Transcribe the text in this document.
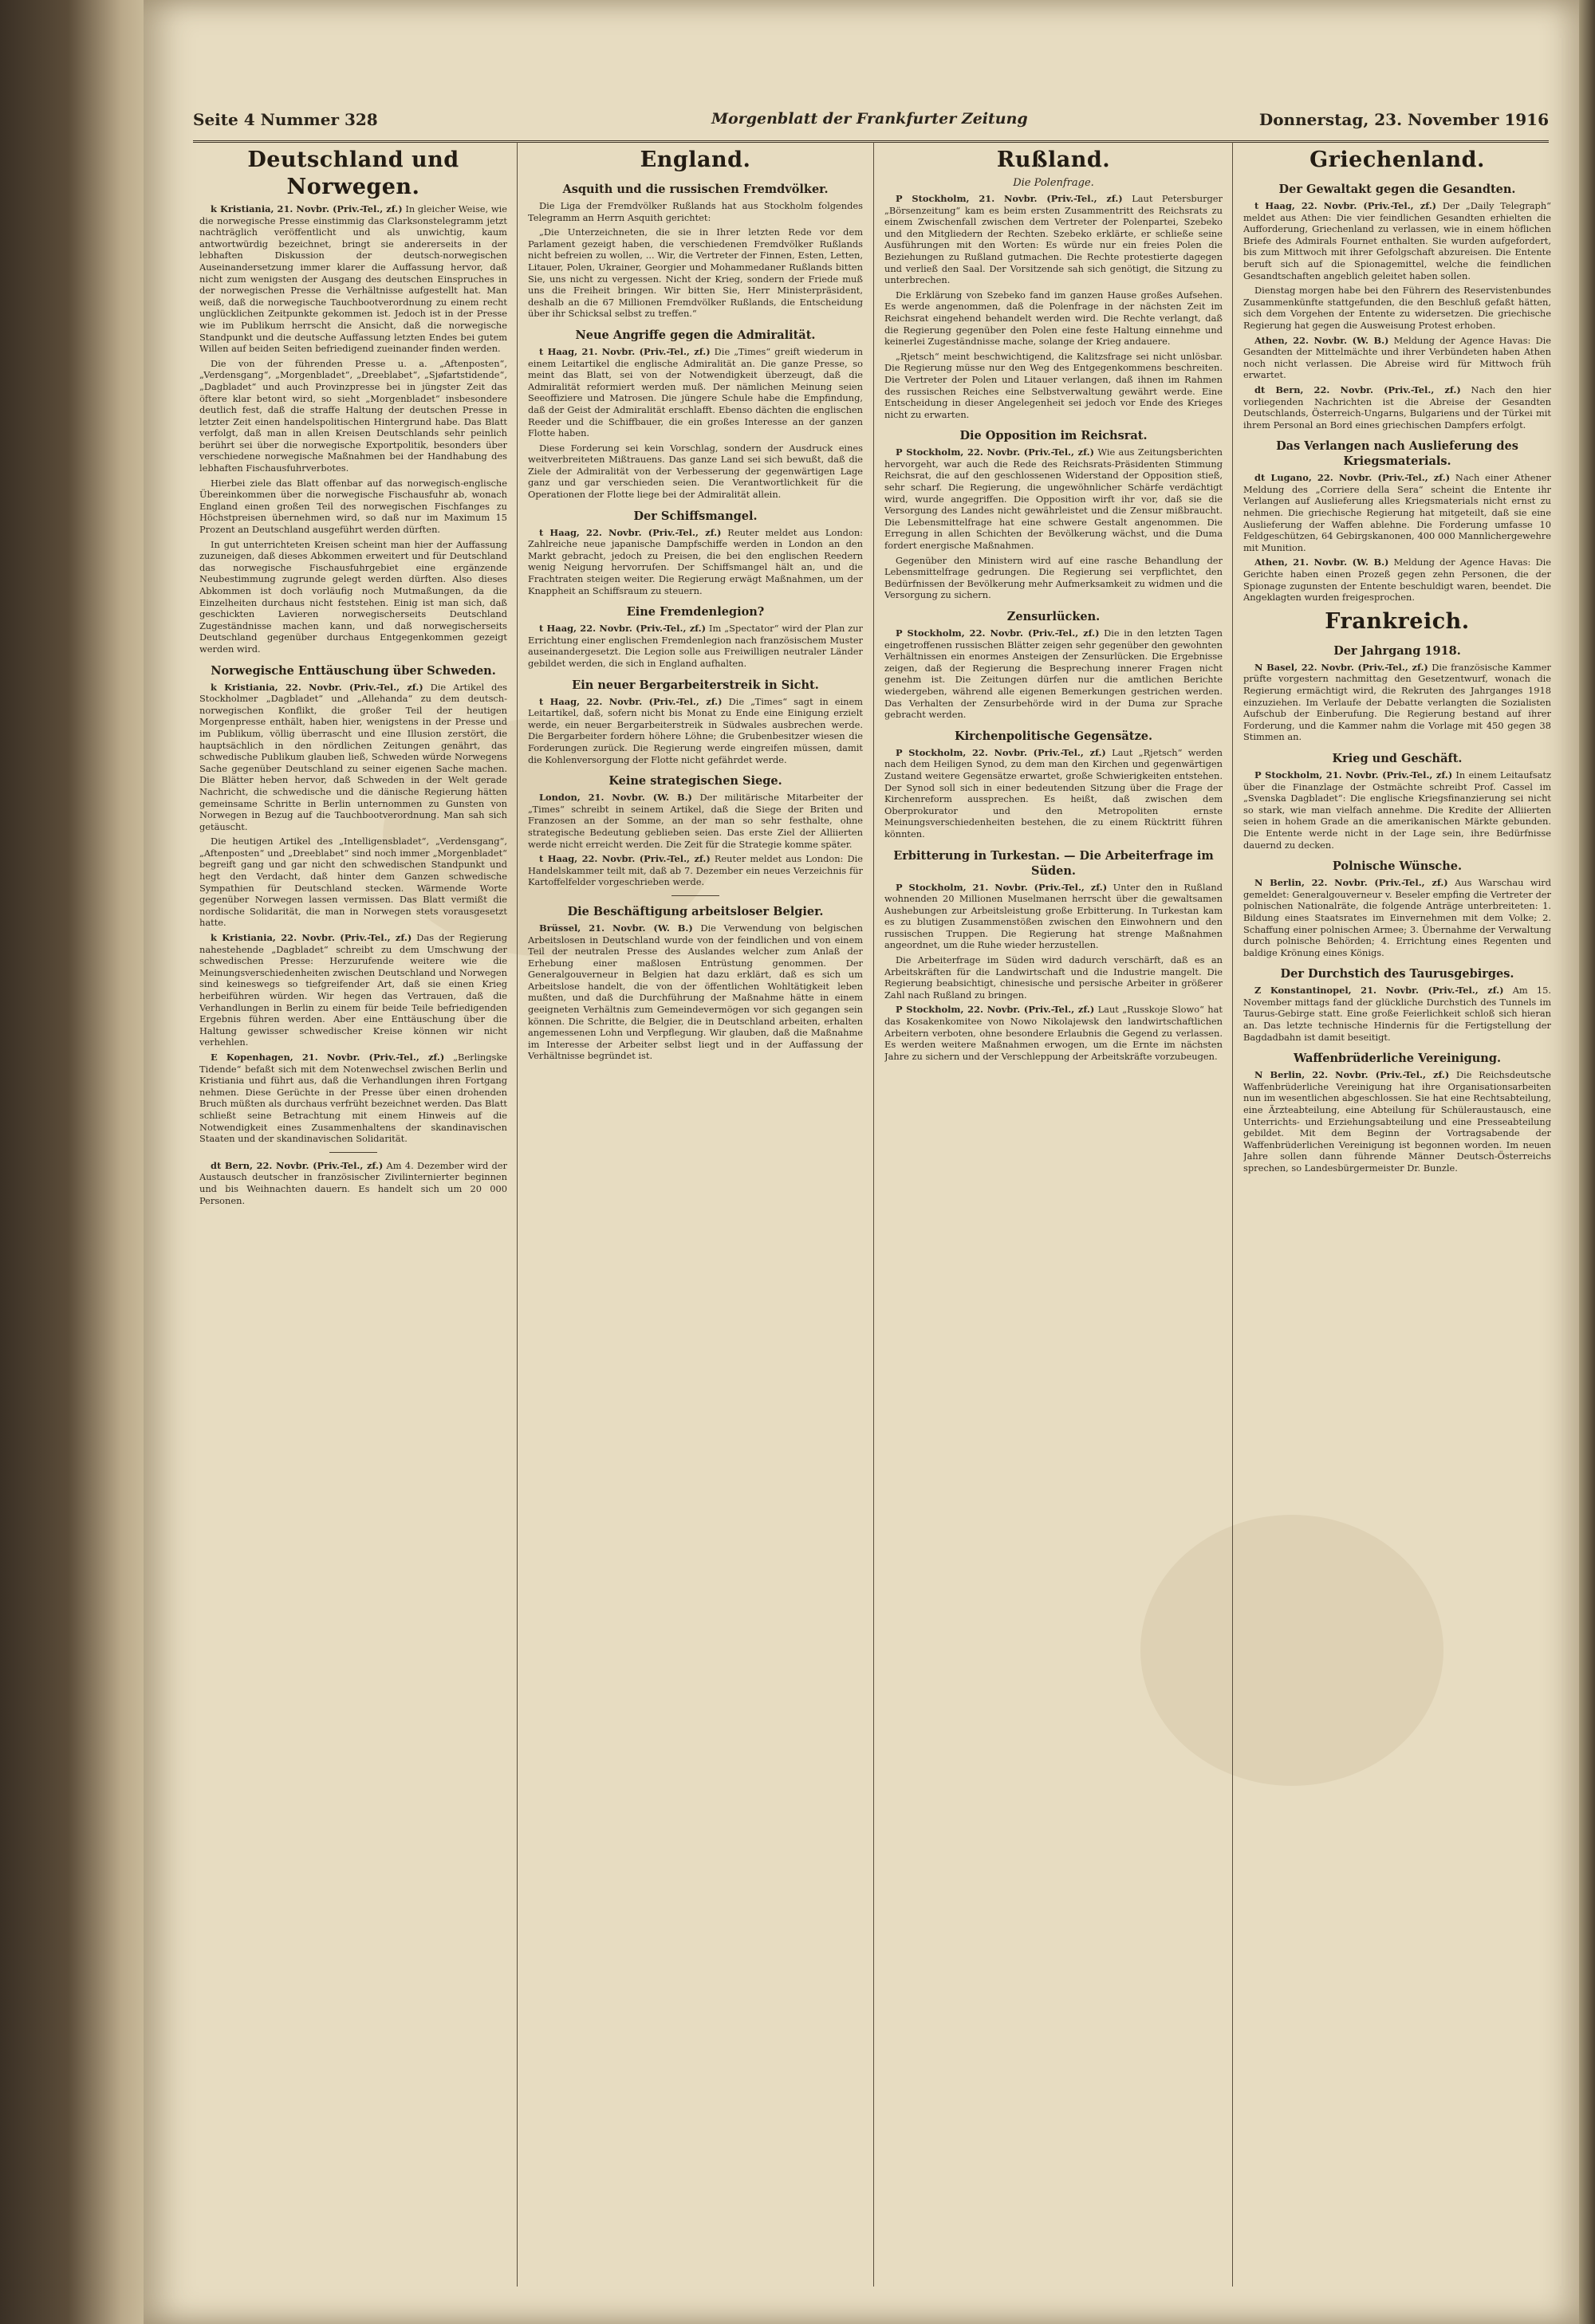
Seite 4 Nummer 328	Morgenblatt der Frankfurter Zeitung	Donnerstag, 23. November 1916
Deutschland und Norwegen.

k Kristiania, 21. Novbr. (Priv.-Tel., zf.) In gleicher Weise, wie die norwegische Presse einstimmig das Clarksonstelegramm jetzt nachträglich veröffentlicht und als unwichtig, kaum antwortwürdig bezeichnet, bringt sie andererseits in der lebhaften Diskussion der deutsch-norwegischen Auseinandersetzung immer klarer die Auffassung hervor, daß nicht zum wenigsten der Ausgang des deutschen Einspruches in der norwegischen Presse die Verhältnisse aufgestellt hat. Man weiß, daß die norwegische Tauchbootverordnung zu einem recht unglücklichen Zeitpunkte gekommen ist. Jedoch ist in der Presse wie im Publikum herrscht die Ansicht, daß die norwegische Standpunkt und die deutsche Auffassung letzten Endes bei gutem Willen auf beiden Seiten befriedigend zueinander finden werden.

Die von der führenden Presse u. a. „Aftenposten“, „Verdensgang“, „Morgenbladet“, „Dreeblabet“, „Sjøfartstidende“, „Dagbladet“ und auch Provinzpresse bei in jüngster Zeit das öftere klar betont wird, so sieht „Morgenbladet“ insbesondere deutlich fest, daß die straffe Haltung der deutschen Presse in letzter Zeit einen handelspolitischen Hintergrund habe. Das Blatt verfolgt, daß man in allen Kreisen Deutschlands sehr peinlich berührt sei über die norwegische Exportpolitik, besonders über verschiedene norwegische Maßnahmen bei der Handhabung des lebhaften Fischausfuhrverbotes.

Hierbei ziele das Blatt offenbar auf das norwegisch-englische Übereinkommen über die norwegische Fischausfuhr ab, wonach England einen großen Teil des norwegischen Fischfanges zu Höchstpreisen übernehmen wird, so daß nur im Maximum 15 Prozent an Deutschland ausgeführt werden dürften.

In gut unterrichteten Kreisen scheint man hier der Auffassung zuzuneigen, daß dieses Abkommen erweitert und für Deutschland das norwegische Fischausfuhrgebiet eine ergänzende Neubestimmung zugrunde gelegt werden dürften. Also dieses Abkommen ist doch vorläufig noch Mutmaßungen, da die Einzelheiten durchaus nicht feststehen. Einig ist man sich, daß geschickten Lavieren norwegischerseits Deutschland Zugeständnisse machen kann, und daß norwegischerseits Deutschland gegenüber durchaus Entgegenkommen gezeigt werden wird.

Norwegische Enttäuschung über Schweden.

k Kristiania, 22. Novbr. (Priv.-Tel., zf.) Die Artikel des Stockholmer „Dagbladet“ und „Allehanda“ zu dem deutsch-norwegischen Konflikt, die großer Teil der heutigen Morgenpresse enthält, haben hier, wenigstens in der Presse und im Publikum, völlig überrascht und eine Illusion zerstört, die hauptsächlich in den nördlichen Zeitungen genährt, das schwedische Publikum glauben ließ, Schweden würde Norwegens Sache gegenüber Deutschland zu seiner eigenen Sache machen. Die Blätter heben hervor, daß Schweden in der Welt gerade Nachricht, die schwedische und die dänische Regierung hätten gemeinsame Schritte in Berlin unternommen zu Gunsten von Norwegen in Bezug auf die Tauchbootverordnung. Man sah sich getäuscht.

Die heutigen Artikel des „Intelligensbladet“, „Verdensgang“, „Aftenposten“ und „Dreeblabet“ sind noch immer „Morgenbladet“ begreift gang und gar nicht den schwedischen Standpunkt und hegt den Verdacht, daß hinter dem Ganzen schwedische Sympathien für Deutschland stecken. Wärmende Worte gegenüber Norwegen lassen vermissen. Das Blatt vermißt die nordische Solidarität, die man in Norwegen stets vorausgesetzt hatte.

k Kristiania, 22. Novbr. (Priv.-Tel., zf.) Das der Regierung nahestehende „Dagbladet“ schreibt zu dem Umschwung der schwedischen Presse: Herzurufende weitere wie die Meinungsverschiedenheiten zwischen Deutschland und Norwegen sind keineswegs so tiefgreifender Art, daß sie einen Krieg herbeiführen würden. Wir hegen das Vertrauen, daß die Verhandlungen in Berlin zu einem für beide Teile befriedigenden Ergebnis führen werden. Aber eine Enttäuschung über die Haltung gewisser schwedischer Kreise können wir nicht verhehlen.

E Kopenhagen, 21. Novbr. (Priv.-Tel., zf.) „Berlingske Tidende“ befaßt sich mit dem Notenwechsel zwischen Berlin und Kristiania und führt aus, daß die Verhandlungen ihren Fortgang nehmen. Diese Gerüchte in der Presse über einen drohenden Bruch müßten als durchaus verfrüht bezeichnet werden. Das Blatt schließt seine Betrachtung mit einem Hinweis auf die Notwendigkeit eines Zusammenhaltens der skandinavischen Staaten und der skandinavischen Solidarität.

dt Bern, 22. Novbr. (Priv.-Tel., zf.) Am 4. Dezember wird der Austausch deutscher in französischer Zivilinternierter beginnen und bis Weihnachten dauern. Es handelt sich um 20 000 Personen.

England.
Asquith und die russischen Fremdvölker.

Die Liga der Fremdvölker Rußlands hat aus Stockholm folgendes Telegramm an Herrn Asquith gerichtet:

„Die Unterzeichneten, die sie in Ihrer letzten Rede vor dem Parlament gezeigt haben, die verschiedenen Fremdvölker Rußlands nicht befreien zu wollen, ... Wir, die Vertreter der Finnen, Esten, Letten, Litauer, Polen, Ukrainer, Georgier und Mohammedaner Rußlands bitten Sie, uns nicht zu vergessen. Nicht der Krieg, sondern der Friede muß uns die Freiheit bringen. Wir bitten Sie, Herr Ministerpräsident, deshalb an die 67 Millionen Fremdvölker Rußlands, die Entscheidung über ihr Schicksal selbst zu treffen.“

Neue Angriffe gegen die Admiralität.

t Haag, 21. Novbr. (Priv.-Tel., zf.) Die „Times“ greift wiederum in einem Leitartikel die englische Admiralität an. Die ganze Presse, so meint das Blatt, sei von der Notwendigkeit überzeugt, daß die Admiralität reformiert werden muß. Der nämlichen Meinung seien Seeoffiziere und Matrosen. Die jüngere Schule habe die Empfindung, daß der Geist der Admiralität erschlafft. Ebenso dächten die englischen Reeder und die Schiffbauer, die ein großes Interesse an der ganzen Flotte haben.

Diese Forderung sei kein Vorschlag, sondern der Ausdruck eines weitverbreiteten Mißtrauens. Das ganze Land sei sich bewußt, daß die Ziele der Admiralität von der Verbesserung der gegenwärtigen Lage ganz und gar verschieden seien. Die Verantwortlichkeit für die Operationen der Flotte liege bei der Admiralität allein.

Der Schiffsmangel.

t Haag, 22. Novbr. (Priv.-Tel., zf.) Reuter meldet aus London: Zahlreiche neue japanische Dampfschiffe werden in London an den Markt gebracht, jedoch zu Preisen, die bei den englischen Reedern wenig Neigung hervorrufen. Der Schiffsmangel hält an, und die Frachtraten steigen weiter. Die Regierung erwägt Maßnahmen, um der Knappheit an Schiffsraum zu steuern.

Eine Fremdenlegion?

t Haag, 22. Novbr. (Priv.-Tel., zf.) Im „Spectator“ wird der Plan zur Errichtung einer englischen Fremdenlegion nach französischem Muster auseinandergesetzt. Die Legion solle aus Freiwilligen neutraler Länder gebildet werden, die sich in England aufhalten.

Ein neuer Bergarbeiterstreik in Sicht.

t Haag, 22. Novbr. (Priv.-Tel., zf.) Die „Times“ sagt in einem Leitartikel, daß, sofern nicht bis Monat zu Ende eine Einigung erzielt werde, ein neuer Bergarbeiterstreik in Südwales ausbrechen werde. Die Bergarbeiter fordern höhere Löhne; die Grubenbesitzer wiesen die Forderungen zurück. Die Regierung werde eingreifen müssen, damit die Kohlenversorgung der Flotte nicht gefährdet werde.

Keine strategischen Siege.

London, 21. Novbr. (W. B.) Der militärische Mitarbeiter der „Times“ schreibt in seinem Artikel, daß die Siege der Briten und Franzosen an der Somme, an der man so sehr festhalte, ohne strategische Bedeutung geblieben seien. Das erste Ziel der Alliierten werde nicht erreicht werden. Die Zeit für die Strategie komme später.

t Haag, 22. Novbr. (Priv.-Tel., zf.) Reuter meldet aus London: Die Handelskammer teilt mit, daß ab 7. Dezember ein neues Verzeichnis für Kartoffelfelder vorgeschrieben werde.

Die Beschäftigung arbeitsloser Belgier.

Brüssel, 21. Novbr. (W. B.) Die Verwendung von belgischen Arbeitslosen in Deutschland wurde von der feindlichen und von einem Teil der neutralen Presse des Auslandes welcher zum Anlaß der Erhebung einer maßlosen Entrüstung genommen. Der Generalgouverneur in Belgien hat dazu erklärt, daß es sich um Arbeitslose handelt, die von der öffentlichen Wohltätigkeit leben mußten, und daß die Durchführung der Maßnahme hätte in einem geeigneten Verhältnis zum Gemeindevermögen vor sich gegangen sein können. Die Schritte, die Belgier, die in Deutschland arbeiten, erhalten angemessenen Lohn und Verpflegung. Wir glauben, daß die Maßnahme im Interesse der Arbeiter selbst liegt und in der Auffassung der Verhältnisse begründet ist.

Rußland.
Die Polenfrage.

P Stockholm, 21. Novbr. (Priv.-Tel., zf.) Laut Petersburger „Börsenzeitung“ kam es beim ersten Zusammentritt des Reichsrats zu einem Zwischenfall zwischen dem Vertreter der Polenpartei, Szebeko und den Mitgliedern der Rechten. Szebeko erklärte, er schließe seine Ausführungen mit den Worten: Es würde nur ein freies Polen die Beziehungen zu Rußland gutmachen. Die Rechte protestierte dagegen und verließ den Saal. Der Vorsitzende sah sich genötigt, die Sitzung zu unterbrechen.

Die Erklärung von Szebeko fand im ganzen Hause großes Aufsehen. Es werde angenommen, daß die Polenfrage in der nächsten Zeit im Reichsrat eingehend behandelt werden wird. Die Rechte verlangt, daß die Regierung gegenüber den Polen eine feste Haltung einnehme und keinerlei Zugeständnisse mache, solange der Krieg andauere.

„Rjetsch“ meint beschwichtigend, die Kalitzsfrage sei nicht unlösbar. Die Regierung müsse nur den Weg des Entgegenkommens beschreiten. Die Vertreter der Polen und Litauer verlangen, daß ihnen im Rahmen des russischen Reiches eine Selbstverwaltung gewährt werde. Eine Entscheidung in dieser Angelegenheit sei jedoch vor Ende des Krieges nicht zu erwarten.

Die Opposition im Reichsrat.

P Stockholm, 22. Novbr. (Priv.-Tel., zf.) Wie aus Zeitungsberichten hervorgeht, war auch die Rede des Reichsrats-Präsidenten Stimmung Reichsrat, die auf den geschlossenen Widerstand der Opposition stieß, sehr scharf. Die Regierung, die ungewöhnlicher Schärfe verdächtigt wird, wurde angegriffen. Die Opposition wirft ihr vor, daß sie die Versorgung des Landes nicht gewährleistet und die Zensur mißbraucht. Die Lebensmittelfrage hat eine schwere Gestalt angenommen. Die Erregung in allen Schichten der Bevölkerung wächst, und die Duma fordert energische Maßnahmen.

Gegenüber den Ministern wird auf eine rasche Behandlung der Lebensmittelfrage gedrungen. Die Regierung sei verpflichtet, den Bedürfnissen der Bevölkerung mehr Aufmerksamkeit zu widmen und die Versorgung zu sichern.

Zensurlücken.

P Stockholm, 22. Novbr. (Priv.-Tel., zf.) Die in den letzten Tagen eingetroffenen russischen Blätter zeigen sehr gegenüber den gewohnten Verhältnissen ein enormes Ansteigen der Zensurlücken. Die Ergebnisse zeigen, daß der Regierung die Besprechung innerer Fragen nicht genehm ist. Die Zeitungen dürfen nur die amtlichen Berichte wiedergeben, während alle eigenen Bemerkungen gestrichen werden. Das Verhalten der Zensurbehörde wird in der Duma zur Sprache gebracht werden.

Kirchenpolitische Gegensätze.

P Stockholm, 22. Novbr. (Priv.-Tel., zf.) Laut „Rjetsch“ werden nach dem Heiligen Synod, zu dem man den Kirchen und gegenwärtigen Zustand weitere Gegensätze erwartet, große Schwierigkeiten entstehen. Der Synod soll sich in einer bedeutenden Sitzung über die Frage der Kirchenreform aussprechen. Es heißt, daß zwischen dem Oberprokurator und den Metropoliten ernste Meinungsverschiedenheiten bestehen, die zu einem Rücktritt führen könnten.

Erbitterung in Turkestan. — Die Arbeiterfrage im Süden.

P Stockholm, 21. Novbr. (Priv.-Tel., zf.) Unter den in Rußland wohnenden 20 Millionen Muselmanen herrscht über die gewaltsamen Aushebungen zur Arbeitsleistung große Erbitterung. In Turkestan kam es zu blutigen Zusammenstößen zwischen den Einwohnern und den russischen Truppen. Die Regierung hat strenge Maßnahmen angeordnet, um die Ruhe wieder herzustellen.

Die Arbeiterfrage im Süden wird dadurch verschärft, daß es an Arbeitskräften für die Landwirtschaft und die Industrie mangelt. Die Regierung beabsichtigt, chinesische und persische Arbeiter in größerer Zahl nach Rußland zu bringen.

P Stockholm, 22. Novbr. (Priv.-Tel., zf.) Laut „Russkoje Slowo“ hat das Kosakenkomitee von Nowo Nikolajewsk den landwirtschaftlichen Arbeitern verboten, ohne besondere Erlaubnis die Gegend zu verlassen. Es werden weitere Maßnahmen erwogen, um die Ernte im nächsten Jahre zu sichern und der Verschleppung der Arbeitskräfte vorzubeugen.

Griechenland.
Der Gewaltakt gegen die Gesandten.

t Haag, 22. Novbr. (Priv.-Tel., zf.) Der „Daily Telegraph“ meldet aus Athen: Die vier feindlichen Gesandten erhielten die Aufforderung, Griechenland zu verlassen, wie in einem höflichen Briefe des Admirals Fournet enthalten. Sie wurden aufgefordert, bis zum Mittwoch mit ihrer Gefolgschaft abzureisen. Die Entente beruft sich auf die Spionagemittel, welche die feindlichen Gesandtschaften angeblich geleitet haben sollen.

Dienstag morgen habe bei den Führern des Reservistenbundes Zusammenkünfte stattgefunden, die den Beschluß gefaßt hätten, sich dem Vorgehen der Entente zu widersetzen. Die griechische Regierung hat gegen die Ausweisung Protest erhoben.

Athen, 22. Novbr. (W. B.) Meldung der Agence Havas: Die Gesandten der Mittelmächte und ihrer Verbündeten haben Athen noch nicht verlassen. Die Abreise wird für Mittwoch früh erwartet.

dt Bern, 22. Novbr. (Priv.-Tel., zf.) Nach den hier vorliegenden Nachrichten ist die Abreise der Gesandten Deutschlands, Österreich-Ungarns, Bulgariens und der Türkei mit ihrem Personal an Bord eines griechischen Dampfers erfolgt.

Das Verlangen nach Auslieferung des Kriegsmaterials.

dt Lugano, 22. Novbr. (Priv.-Tel., zf.) Nach einer Athener Meldung des „Corriere della Sera“ scheint die Entente ihr Verlangen auf Auslieferung alles Kriegsmaterials nicht ernst zu nehmen. Die griechische Regierung hat mitgeteilt, daß sie eine Auslieferung der Waffen ablehne. Die Forderung umfasse 10 Feldgeschützen, 64 Gebirgskanonen, 400 000 Mannlichergewehre mit Munition.

Athen, 21. Novbr. (W. B.) Meldung der Agence Havas: Die Gerichte haben einen Prozeß gegen zehn Personen, die der Spionage zugunsten der Entente beschuldigt waren, beendet. Die Angeklagten wurden freigesprochen.

Frankreich.
Der Jahrgang 1918.

N Basel, 22. Novbr. (Priv.-Tel., zf.) Die französische Kammer prüfte vorgestern nachmittag den Gesetzentwurf, wonach die Regierung ermächtigt wird, die Rekruten des Jahrganges 1918 einzuziehen. Im Verlaufe der Debatte verlangten die Sozialisten Aufschub der Einberufung. Die Regierung bestand auf ihrer Forderung, und die Kammer nahm die Vorlage mit 450 gegen 38 Stimmen an.

Krieg und Geschäft.

P Stockholm, 21. Novbr. (Priv.-Tel., zf.) In einem Leitaufsatz über die Finanzlage der Ostmächte schreibt Prof. Cassel im „Svenska Dagbladet“: Die englische Kriegsfinanzierung sei nicht so stark, wie man vielfach annehme. Die Kredite der Alliierten seien in hohem Grade an die amerikanischen Märkte gebunden. Die Entente werde nicht in der Lage sein, ihre Bedürfnisse dauernd zu decken.

Polnische Wünsche.

N Berlin, 22. Novbr. (Priv.-Tel., zf.) Aus Warschau wird gemeldet: Generalgouverneur v. Beseler empfing die Vertreter der polnischen Nationalräte, die folgende Anträge unterbreiteten: 1. Bildung eines Staatsrates im Einvernehmen mit dem Volke; 2. Schaffung einer polnischen Armee; 3. Übernahme der Verwaltung durch polnische Behörden; 4. Errichtung eines Regenten und baldige Krönung eines Königs.

Der Durchstich des Taurusgebirges.

Z Konstantinopel, 21. Novbr. (Priv.-Tel., zf.) Am 15. November mittags fand der glückliche Durchstich des Tunnels im Taurus-Gebirge statt. Eine große Feierlichkeit schloß sich hieran an. Das letzte technische Hindernis für die Fertigstellung der Bagdadbahn ist damit beseitigt.

Waffenbrüderliche Vereinigung.

N Berlin, 22. Novbr. (Priv.-Tel., zf.) Die Reichsdeutsche Waffenbrüderliche Vereinigung hat ihre Organisationsarbeiten nun im wesentlichen abgeschlossen. Sie hat eine Rechtsabteilung, eine Ärzteabteilung, eine Abteilung für Schüleraustausch, eine Unterrichts- und Erziehungsabteilung und eine Presseabteilung gebildet. Mit dem Beginn der Vortragsabende der Waffenbrüderlichen Vereinigung ist begonnen worden. Im neuen Jahre sollen dann führende Männer Deutsch-Österreichs sprechen, so Landesbürgermeister Dr. Bunzle.
